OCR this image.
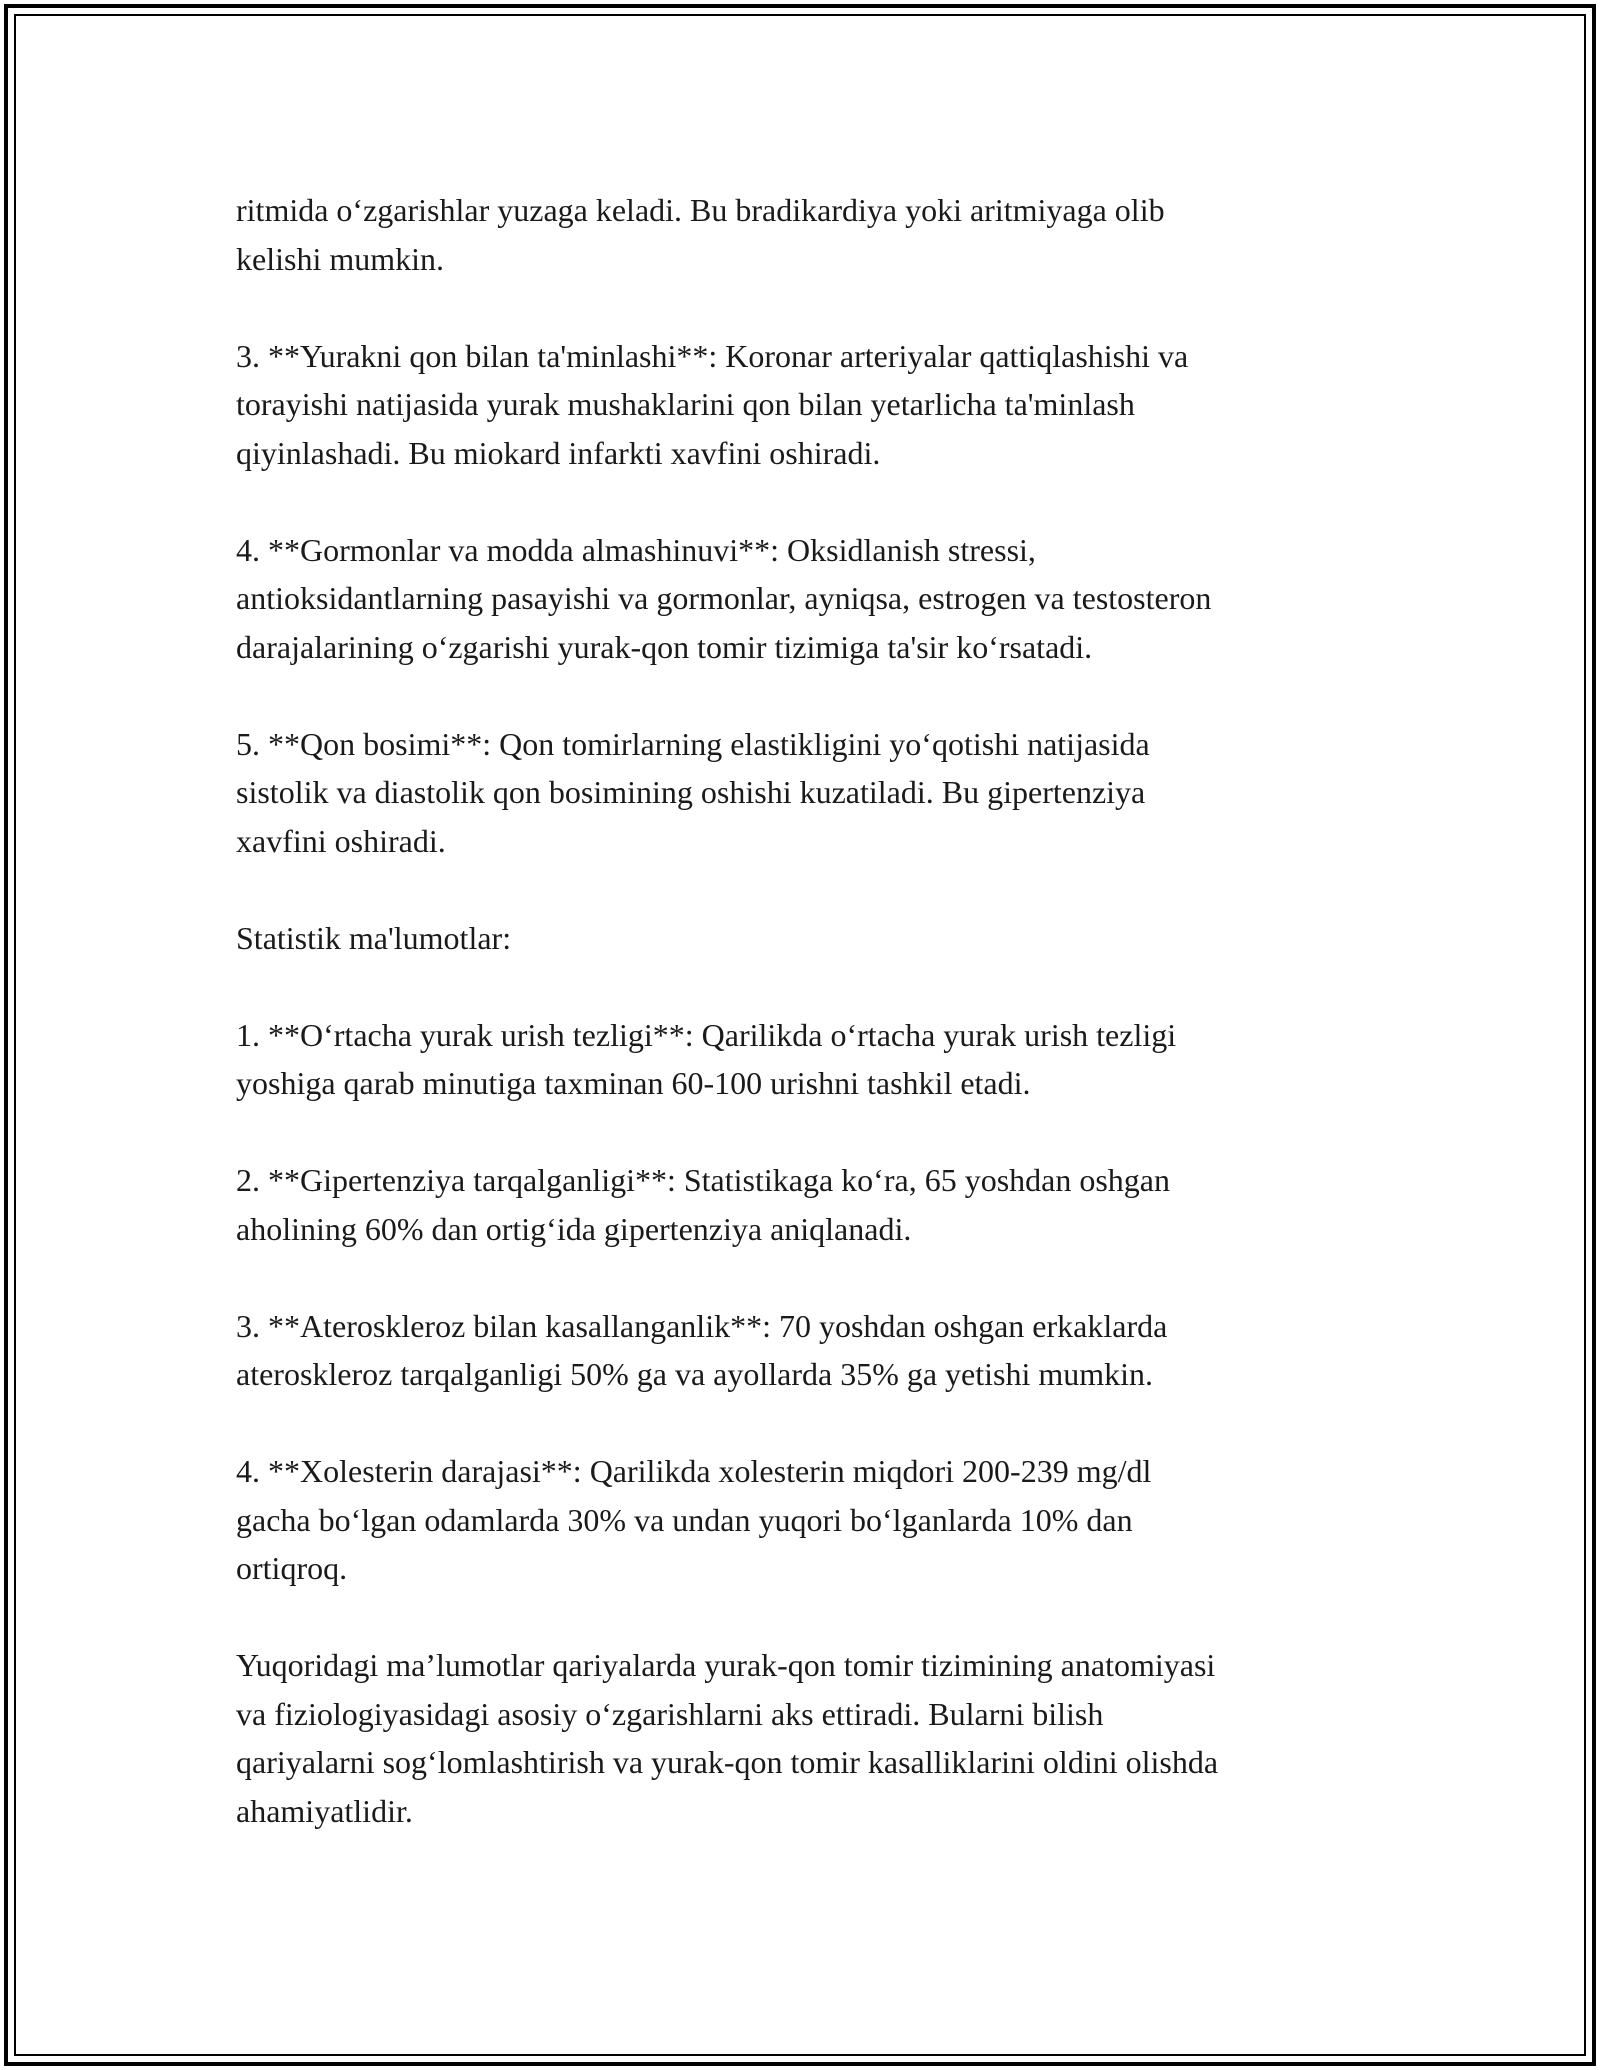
ritmida o‘zgarishlar yuzaga keladi. Bu bradikardiya yoki aritmiyaga olib
kelishi mumkin.

3. **Yurakni qon bilan ta'minlashi**: Koronar arteriyalar qattiqlashishi va
torayishi natijasida yurak mushaklarini qon bilan yetarlicha ta'minlash
qiyinlashadi. Bu miokard infarkti xavfini oshiradi.

4. **Gormonlar va modda almashinuvi**: Oksidlanish stressi,
antioksidantlarning pasayishi va gormonlar, ayniqsa, estrogen va testosteron
darajalarining o‘zgarishi yurak-qon tomir tizimiga ta'sir ko‘rsatadi.

5. **Qon bosimi**: Qon tomirlarning elastikligini yo‘qotishi natijasida
sistolik va diastolik qon bosimining oshishi kuzatiladi. Bu gipertenziya
xavfini oshiradi.

Statistik ma'lumotlar:

1. **O‘rtacha yurak urish tezligi**: Qarilikda o‘rtacha yurak urish tezligi
yoshiga qarab minutiga taxminan 60-100 urishni tashkil etadi.

2. **Gipertenziya tarqalganligi**: Statistikaga ko‘ra, 65 yoshdan oshgan
aholining 60% dan ortig‘ida gipertenziya aniqlanadi.

3. **Ateroskleroz bilan kasallanganlik**: 70 yoshdan oshgan erkaklarda
ateroskleroz tarqalganligi 50% ga va ayollarda 35% ga yetishi mumkin.

4. **Xolesterin darajasi**: Qarilikda xolesterin miqdori 200-239 mg/dl
gacha bo‘lgan odamlarda 30% va undan yuqori bo‘lganlarda 10% dan
ortiqroq.

Yuqoridagi ma’lumotlar qariyalarda yurak-qon tomir tizimining anatomiyasi
va fiziologiyasidagi asosiy o‘zgarishlarni aks ettiradi. Bularni bilish
qariyalarni sog‘lomlashtirish va yurak-qon tomir kasalliklarini oldini olishda
ahamiyatlidir.
